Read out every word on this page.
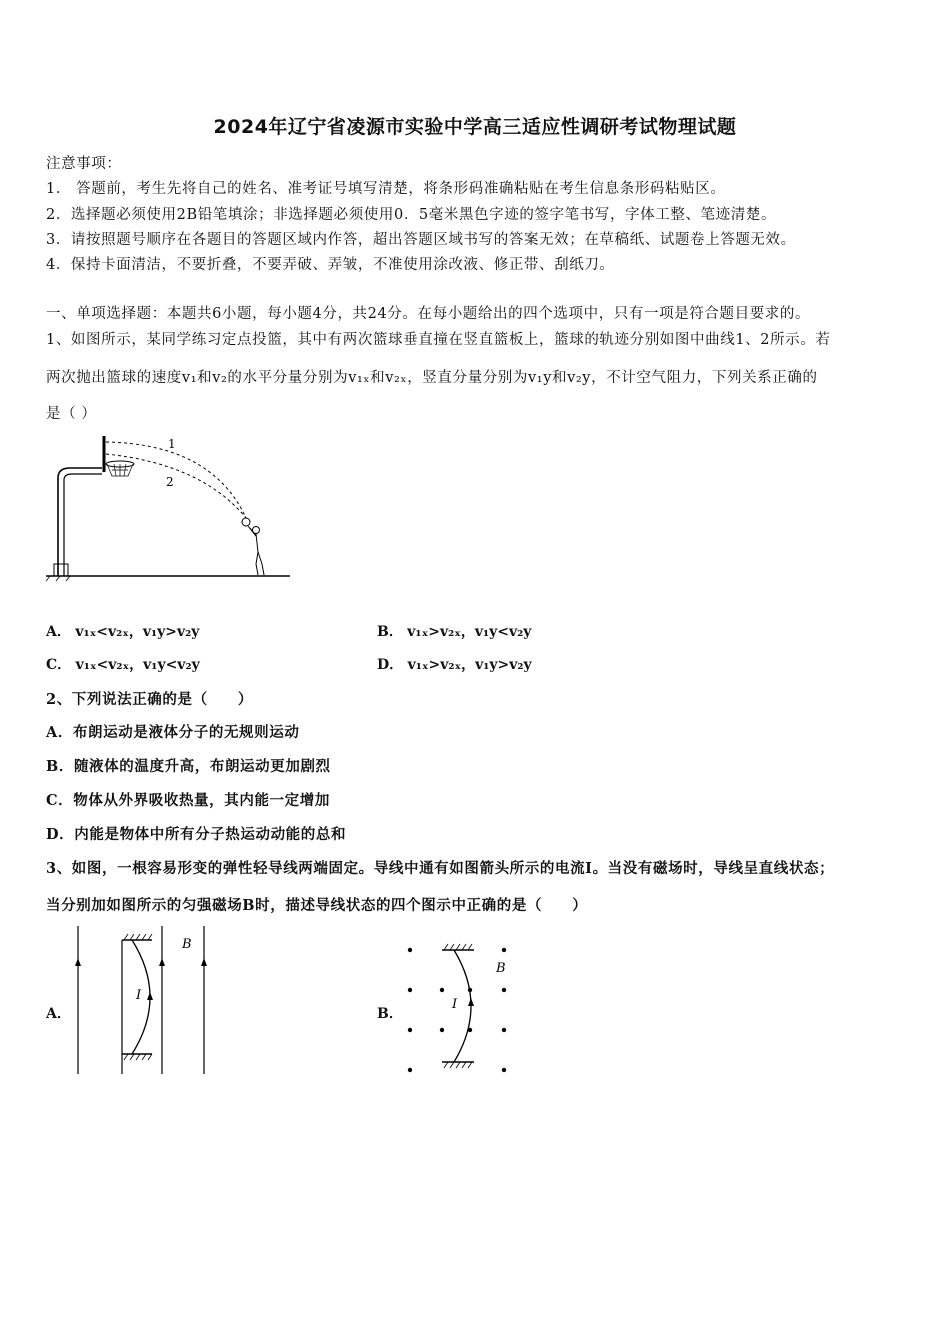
2024年辽宁省凌源市实验中学高三适应性调研考试物理试题
注意事项：
1． 答题前，考生先将自己的姓名、准考证号填写清楚，将条形码准确粘贴在考生信息条形码粘贴区。
2．选择题必须使用2B铅笔填涂；非选择题必须使用0．5毫米黑色字迹的签字笔书写，字体工整、笔迹清楚。
3．请按照题号顺序在各题目的答题区域内作答，超出答题区域书写的答案无效；在草稿纸、试题卷上答题无效。
4．保持卡面清洁，不要折叠，不要弄破、弄皱，不准使用涂改液、修正带、刮纸刀。
一、单项选择题：本题共6小题，每小题4分，共24分。在每小题给出的四个选项中，只有一项是符合题目要求的。
1、如图所示，某同学练习定点投篮，其中有两次篮球垂直撞在竖直篮板上，篮球的轨迹分别如图中曲线1、2所示。若
两次抛出篮球的速度v₁和v₂的水平分量分别为v₁ₓ和v₂ₓ，竖直分量分别为v₁y和v₂y，不计空气阻力，下列关系正确的
是（ ）
1
2
A． v₁ₓ<v₂ₓ，v₁y>v₂y	B． v₁ₓ>v₂ₓ，v₁y<v₂y
C． v₁ₓ<v₂ₓ，v₁y<v₂y	D． v₁ₓ>v₂ₓ，v₁y>v₂y
2、下列说法正确的是（　　）
A．布朗运动是液体分子的无规则运动
B．随液体的温度升高，布朗运动更加剧烈
C．物体从外界吸收热量，其内能一定增加
D．内能是物体中所有分子热运动动能的总和
3、如图，一根容易形变的弹性轻导线两端固定。导线中通有如图箭头所示的电流I。当没有磁场时，导线呈直线状态；
当分别加如图所示的匀强磁场B时，描述导线状态的四个图示中正确的是（　　）
A．	B．
I
B
I
B
